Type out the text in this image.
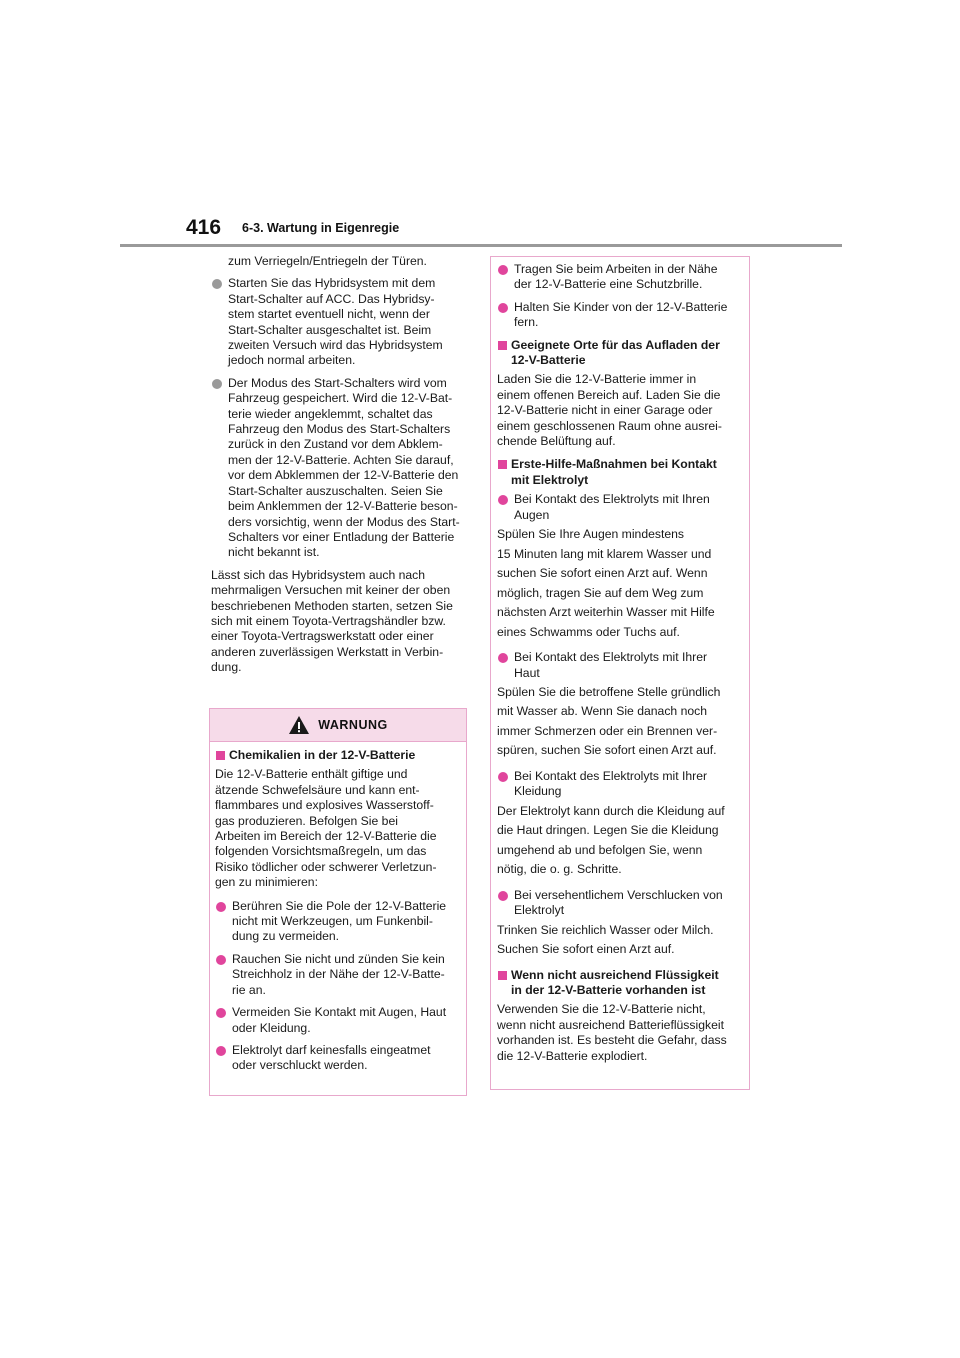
416 6-3. Wartung in Eigenregie
zum Verriegeln/Entriegeln der Türen.
Starten Sie das Hybridsystem mit dem
Start-Schalter auf ACC. Das Hybridsy-
stem startet eventuell nicht, wenn der
Start-Schalter ausgeschaltet ist. Beim
zweiten Versuch wird das Hybridsystem
jedoch normal arbeiten.
Der Modus des Start-Schalters wird vom
Fahrzeug gespeichert. Wird die 12-V-Bat-
terie wieder angeklemmt, schaltet das
Fahrzeug den Modus des Start-Schalters
zurück in den Zustand vor dem Abklem-
men der 12-V-Batterie. Achten Sie darauf,
vor dem Abklemmen der 12-V-Batterie den
Start-Schalter auszuschalten. Seien Sie
beim Anklemmen der 12-V-Batterie beson-
ders vorsichtig, wenn der Modus des Start-
Schalters vor einer Entladung der Batterie
nicht bekannt ist.
Lässt sich das Hybridsystem auch nach
mehrmaligen Versuchen mit keiner der oben
beschriebenen Methoden starten, setzen Sie
sich mit einem Toyota-Vertragshändler bzw.
einer Toyota-Vertragswerkstatt oder einer
anderen zuverlässigen Werkstatt in Verbin-
dung.
WARNUNG
Chemikalien in der 12-V-Batterie
Die 12-V-Batterie enthält giftige und
ätzende Schwefelsäure und kann ent-
flammbares und explosives Wasserstoff-
gas produzieren. Befolgen Sie bei
Arbeiten im Bereich der 12-V-Batterie die
folgenden Vorsichtsmaßregeln, um das
Risiko tödlicher oder schwerer Verletzun-
gen zu minimieren:
Berühren Sie die Pole der 12-V-Batterie
nicht mit Werkzeugen, um Funkenbil-
dung zu vermeiden.
Rauchen Sie nicht und zünden Sie kein
Streichholz in der Nähe der 12-V-Batte-
rie an.
Vermeiden Sie Kontakt mit Augen, Haut
oder Kleidung.
Elektrolyt darf keinesfalls eingeatmet
oder verschluckt werden.
Tragen Sie beim Arbeiten in der Nähe
der 12-V-Batterie eine Schutzbrille.
Halten Sie Kinder von der 12-V-Batterie
fern.
Geeignete Orte für das Aufladen der
12-V-Batterie
Laden Sie die 12-V-Batterie immer in
einem offenen Bereich auf. Laden Sie die
12-V-Batterie nicht in einer Garage oder
einem geschlossenen Raum ohne ausrei-
chende Belüftung auf.
Erste-Hilfe-Maßnahmen bei Kontakt
mit Elektrolyt
Bei Kontakt des Elektrolyts mit Ihren
Augen
Spülen Sie Ihre Augen mindestens
15 Minuten lang mit klarem Wasser und
suchen Sie sofort einen Arzt auf. Wenn
möglich, tragen Sie auf dem Weg zum
nächsten Arzt weiterhin Wasser mit Hilfe
eines Schwamms oder Tuchs auf.
Bei Kontakt des Elektrolyts mit Ihrer
Haut
Spülen Sie die betroffene Stelle gründlich
mit Wasser ab. Wenn Sie danach noch
immer Schmerzen oder ein Brennen ver-
spüren, suchen Sie sofort einen Arzt auf.
Bei Kontakt des Elektrolyts mit Ihrer
Kleidung
Der Elektrolyt kann durch die Kleidung auf
die Haut dringen. Legen Sie die Kleidung
umgehend ab und befolgen Sie, wenn
nötig, die o. g. Schritte.
Bei versehentlichem Verschlucken von
Elektrolyt
Trinken Sie reichlich Wasser oder Milch.
Suchen Sie sofort einen Arzt auf.
Wenn nicht ausreichend Flüssigkeit
in der 12-V-Batterie vorhanden ist
Verwenden Sie die 12-V-Batterie nicht,
wenn nicht ausreichend Batterieflüssigkeit
vorhanden ist. Es besteht die Gefahr, dass
die 12-V-Batterie explodiert.
